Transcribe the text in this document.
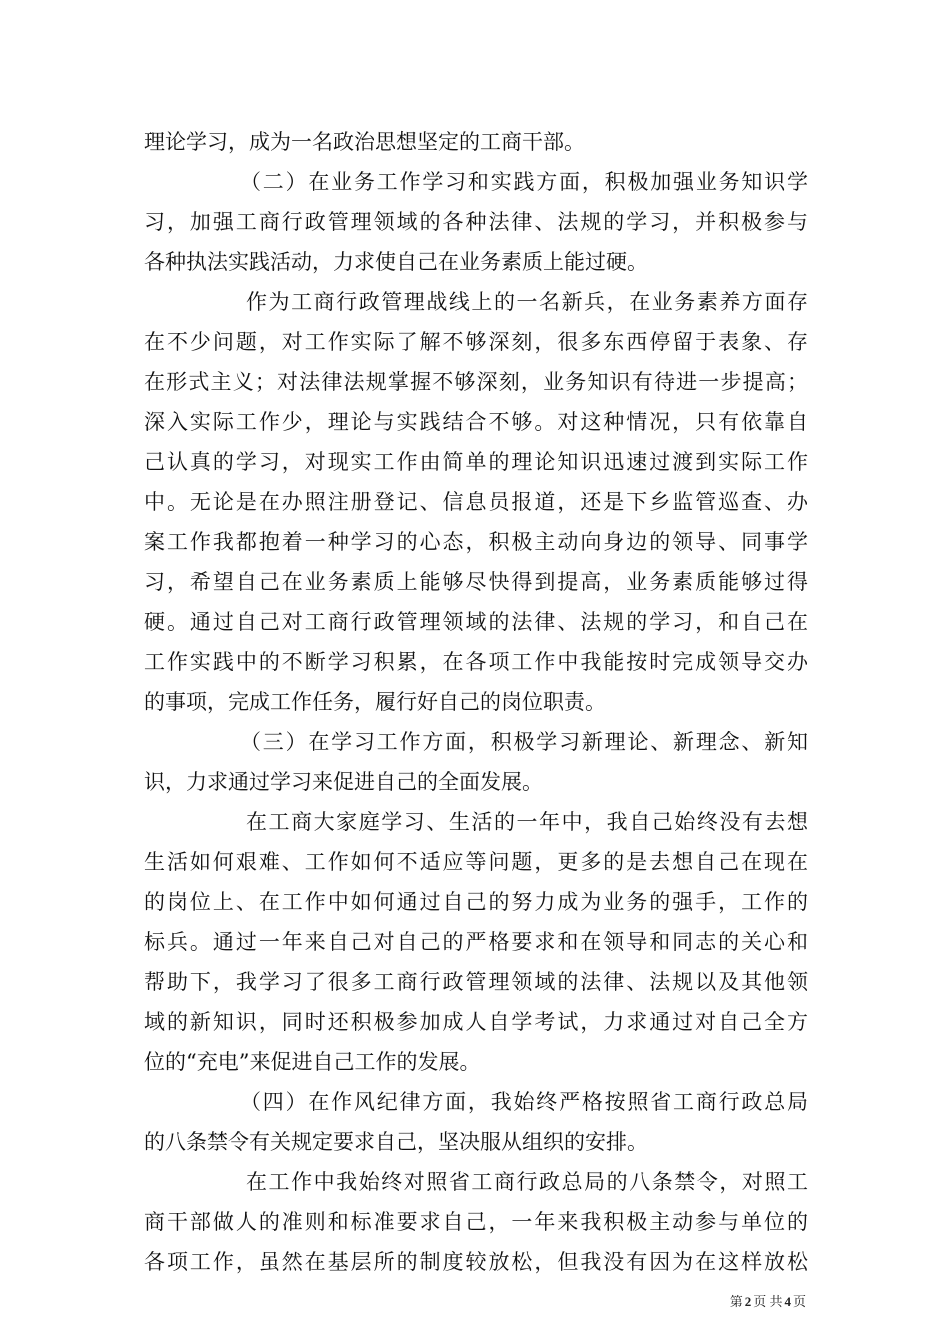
理论学习，成为一名政治思想坚定的工商干部。
（二）在业务工作学习和实践方面，积极加强业务知识学
习，加强工商行政管理领域的各种法律、法规的学习，并积极参与
各种执法实践活动，力求使自己在业务素质上能过硬。
作为工商行政管理战线上的一名新兵，在业务素养方面存
在不少问题，对工作实际了解不够深刻，很多东西停留于表象、存
在形式主义；对法律法规掌握不够深刻，业务知识有待进一步提高；
深入实际工作少，理论与实践结合不够。对这种情况，只有依靠自
己认真的学习，对现实工作由简单的理论知识迅速过渡到实际工作
中。无论是在办照注册登记、信息员报道，还是下乡监管巡查、办
案工作我都抱着一种学习的心态，积极主动向身边的领导、同事学
习，希望自己在业务素质上能够尽快得到提高，业务素质能够过得
硬。通过自己对工商行政管理领域的法律、法规的学习，和自己在
工作实践中的不断学习积累，在各项工作中我能按时完成领导交办
的事项，完成工作任务，履行好自己的岗位职责。
（三）在学习工作方面，积极学习新理论、新理念、新知
识，力求通过学习来促进自己的全面发展。
在工商大家庭学习、生活的一年中，我自己始终没有去想
生活如何艰难、工作如何不适应等问题，更多的是去想自己在现在
的岗位上、在工作中如何通过自己的努力成为业务的强手，工作的
标兵。通过一年来自己对自己的严格要求和在领导和同志的关心和
帮助下，我学习了很多工商行政管理领域的法律、法规以及其他领
域的新知识，同时还积极参加成人自学考试，力求通过对自己全方
位的“充电”来促进自己工作的发展。
（四）在作风纪律方面，我始终严格按照省工商行政总局
的八条禁令有关规定要求自己，坚决服从组织的安排。
在工作中我始终对照省工商行政总局的八条禁令，对照工
商干部做人的准则和标准要求自己，一年来我积极主动参与单位的
各项工作，虽然在基层所的制度较放松，但我没有因为在这样放松
第 2 页 共 4 页
